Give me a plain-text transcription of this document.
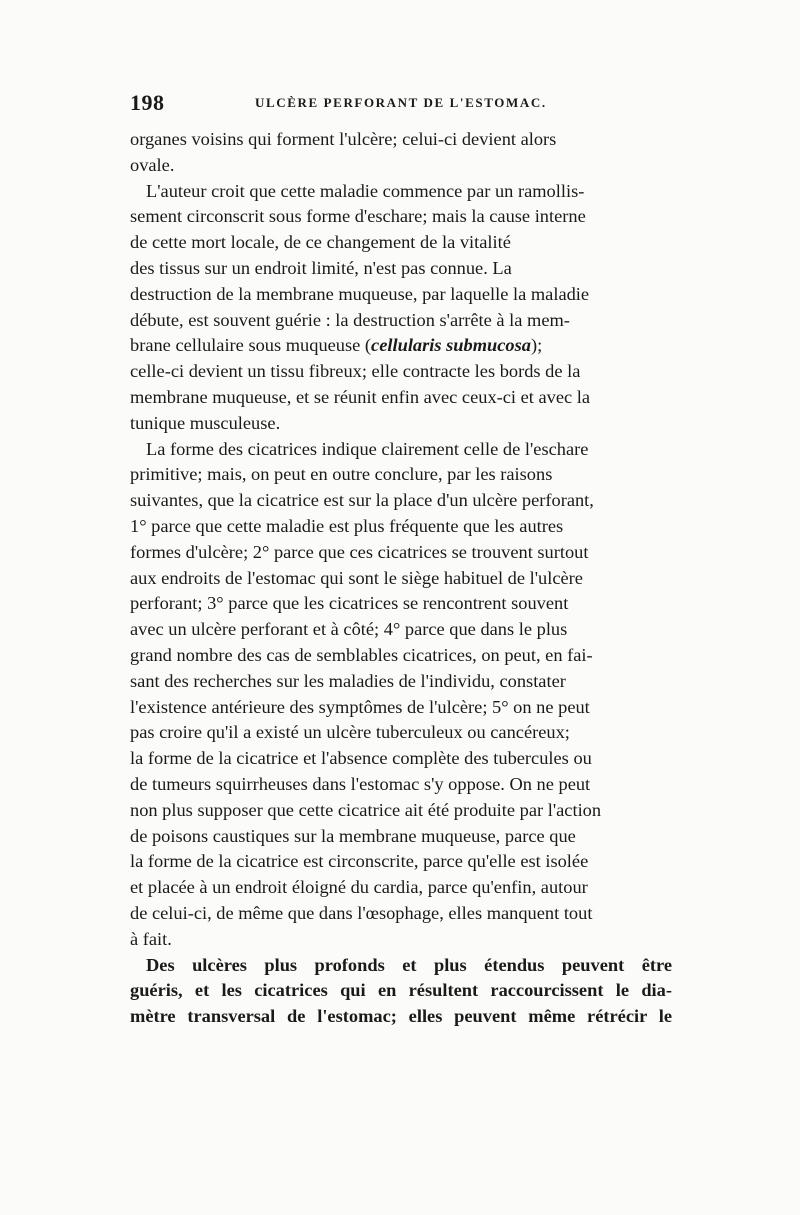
198	ULCÈRE PERFORANT DE L'ESTOMAC.

organes voisins qui forment l'ulcère; celui-ci devient alors
ovale.

L'auteur croit que cette maladie commence par un ramollis-
sement circonscrit sous forme d'eschare; mais la cause interne
de cette mort locale, de ce changement de la vitalité
des tissus sur un endroit limité, n'est pas connue. La
destruction de la membrane muqueuse, par laquelle la maladie
débute, est souvent guérie : la destruction s'arrête à la mem-
brane cellulaire sous muqueuse (cellularis submucosa);
celle-ci devient un tissu fibreux; elle contracte les bords de la
membrane muqueuse, et se réunit enfin avec ceux-ci et avec la
tunique musculeuse.

La forme des cicatrices indique clairement celle de l'eschare
primitive; mais, on peut en outre conclure, par les raisons
suivantes, que la cicatrice est sur la place d'un ulcère perforant,
1° parce que cette maladie est plus fréquente que les autres
formes d'ulcère; 2° parce que ces cicatrices se trouvent surtout
aux endroits de l'estomac qui sont le siège habituel de l'ulcère
perforant; 3° parce que les cicatrices se rencontrent souvent
avec un ulcère perforant et à côté; 4° parce que dans le plus
grand nombre des cas de semblables cicatrices, on peut, en fai-
sant des recherches sur les maladies de l'individu, constater
l'existence antérieure des symptômes de l'ulcère; 5° on ne peut
pas croire qu'il a existé un ulcère tuberculeux ou cancéreux;
la forme de la cicatrice et l'absence complète des tubercules ou
de tumeurs squirrheuses dans l'estomac s'y oppose. On ne peut
non plus supposer que cette cicatrice ait été produite par l'action
de poisons caustiques sur la membrane muqueuse, parce que
la forme de la cicatrice est circonscrite, parce qu'elle est isolée
et placée à un endroit éloigné du cardia, parce qu'enfin, autour
de celui-ci, de même que dans l'œsophage, elles manquent tout
à fait.

Des ulcères plus profonds et plus étendus peuvent être
guéris, et les cicatrices qui en résultent raccourcissent le dia-
mètre transversal de l'estomac; elles peuvent même rétrécir le
